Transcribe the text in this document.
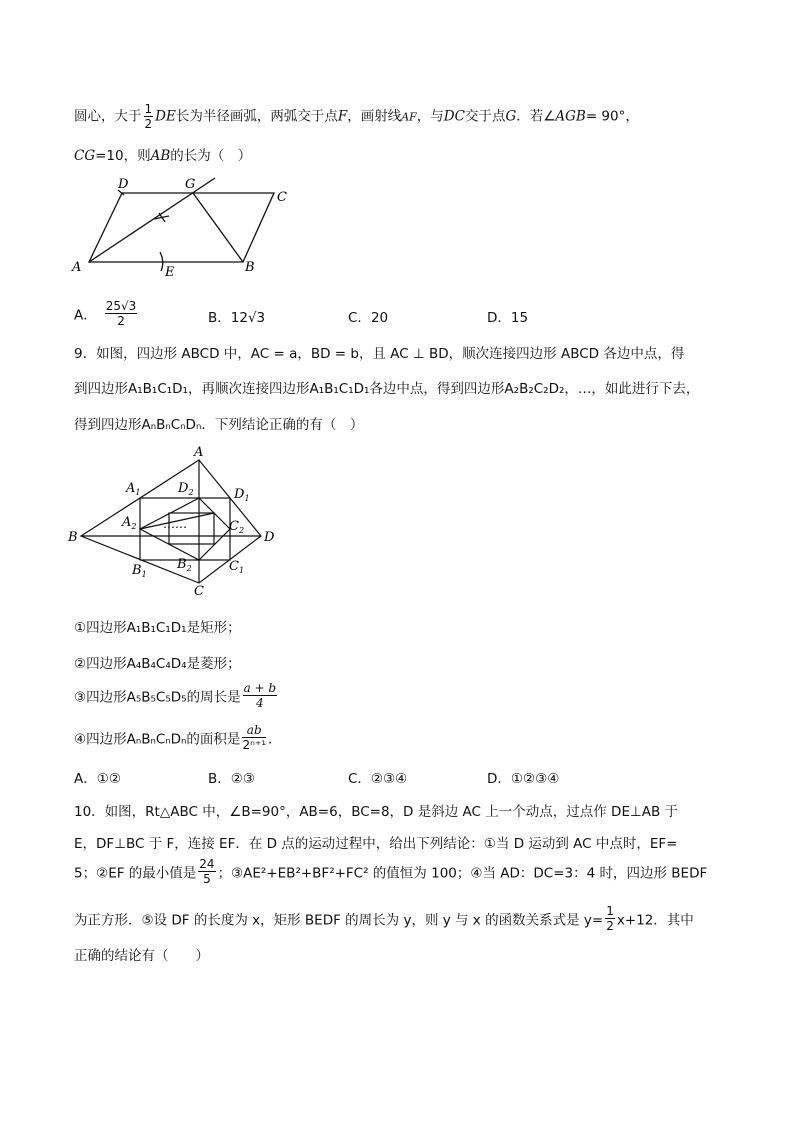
圆心，大于 $\frac{1}{2}$ DE长为半径画弧，两弧交于点F，画射线AF，与DC交于点G．若∠AGB= 90°，
CG=10，则AB的长为（　）
D	G
C
A	E	B
A． $\frac{25√3}{2}$	B．12√3	C．20	D．15
9．如图，四边形 ABCD 中，AC = a，BD = b，且 AC ⊥ BD，顺次连接四边形 ABCD 各边中点，得
到四边形A₁B₁C₁D₁，再顺次连接四边形A₁B₁C₁D₁各边中点，得到四边形A₂B₂C₂D₂，…，如此进行下去，
得到四边形AₙBₙCₙDₙ．下列结论正确的有（　）
A
B
C
D
$A_1$	$D_1$
$B_1$
$C_1$
$A_2$
$D_2$
$C_2$
$B_2$
……
①四边形A₁B₁C₁D₁是矩形；
②四边形A₄B₄C₄D₄是菱形；
③四边形A₅B₅C₅D₅的周长是 $\frac{a + b}{4}$
④四边形AₙBₙCₙDₙ的面积是 $\frac{ab}{\text{2ⁿ⁺¹}}$ ．
A．①②	B．②③	C．②③④	D．①②③④
10．如图，Rt△ABC 中，∠B=90°，AB=6，BC=8，D 是斜边 AC 上一个动点，过点作 DE⊥AB 于
E，DF⊥BC 于 F，连接 EF．在 D 点的运动过程中，给出下列结论：①当 D 运动到 AC 中点时，EF=
5；②EF 的最小值是 $\frac{24}{5}$ ；③AE²+EB²+BF²+FC² 的值恒为 100；④当 AD：DC=3：4 时，四边形 BEDF
为正方形．⑤设 DF 的长度为 x，矩形 BEDF 的周长为 y，则 y 与 x 的函数关系式是 $y= \frac{1}{2} x+12$．其中
正确的结论有（　　）
